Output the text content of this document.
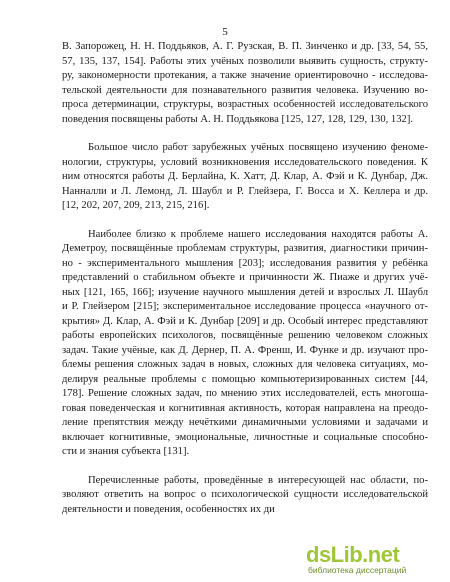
5
В. Запорожец, Н. Н. Поддьяков, А. Г. Рузская, В. П. Зинченко и др. [33, 54, 55,
57, 135, 137, 154]. Работы этих учёных позволили выявить сущность, структу-
ру, закономерности протекания, а также значение ориентировочно - исследова-
тельской деятельности для познавательного развития человека. Изучению во-
проса детерминации, структуры, возрастных особенностей исследовательского
поведения посвящены работы А. Н. Поддьякова [125, 127, 128, 129, 130, 132].
Большое число работ зарубежных учёных посвящено изучению феноме-
нологии, структуры, условий возникновения исследовательского поведения. К
ним относятся работы Д. Берлайна, К. Хатт, Д. Клар, А. Фэй и К. Дунбар, Дж.
Нанналли и Л. Лемонд, Л. Шаубл и Р. Глейзера, Г. Восса и Х. Келлера и др.
[12, 202, 207, 209, 213, 215, 216].
Наиболее близко к проблеме нашего исследования находятся работы А.
Деметроу, посвящённые проблемам структуры, развития, диагностики причин-
но - экспериментального мышления [203]; исследования развития у ребёнка
представлений о стабильном объекте и причинности Ж. Пиаже и других учё-
ных [121, 165, 166]; изучение научного мышления детей и взрослых Л. Шаубл
и Р. Глейзером [215]; экспериментальное исследование процесса «научного от-
крытия» Д. Клар, А. Фэй и К. Дунбар [209] и др. Особый интерес представляют
работы европейских психологов, посвящённые решению человеком сложных
задач. Такие учёные, как Д. Дернер, П. А. Френш, И. Функе и др. изучают про-
блемы решения сложных задач в новых, сложных для человека ситуациях, мо-
делируя реальные проблемы с помощью компьютеризированных систем [44,
178]. Решение сложных задач, по мнению этих исследователей, есть многоша-
говая поведенческая и когнитивная активность, которая направлена на преодо-
ление препятствия между нечёткими динамичными условиями и задачами и
включает когнитивные, эмоциональные, личностные и социальные способно-
сти и знания субъекта [131].
Перечисленные работы, проведённые в интересующей нас области, по-
зволяют ответить на вопрос о психологической сущности исследовательской
деятельности и поведения, особенностях их ди
dsLib.net
библиотека диссертаций
